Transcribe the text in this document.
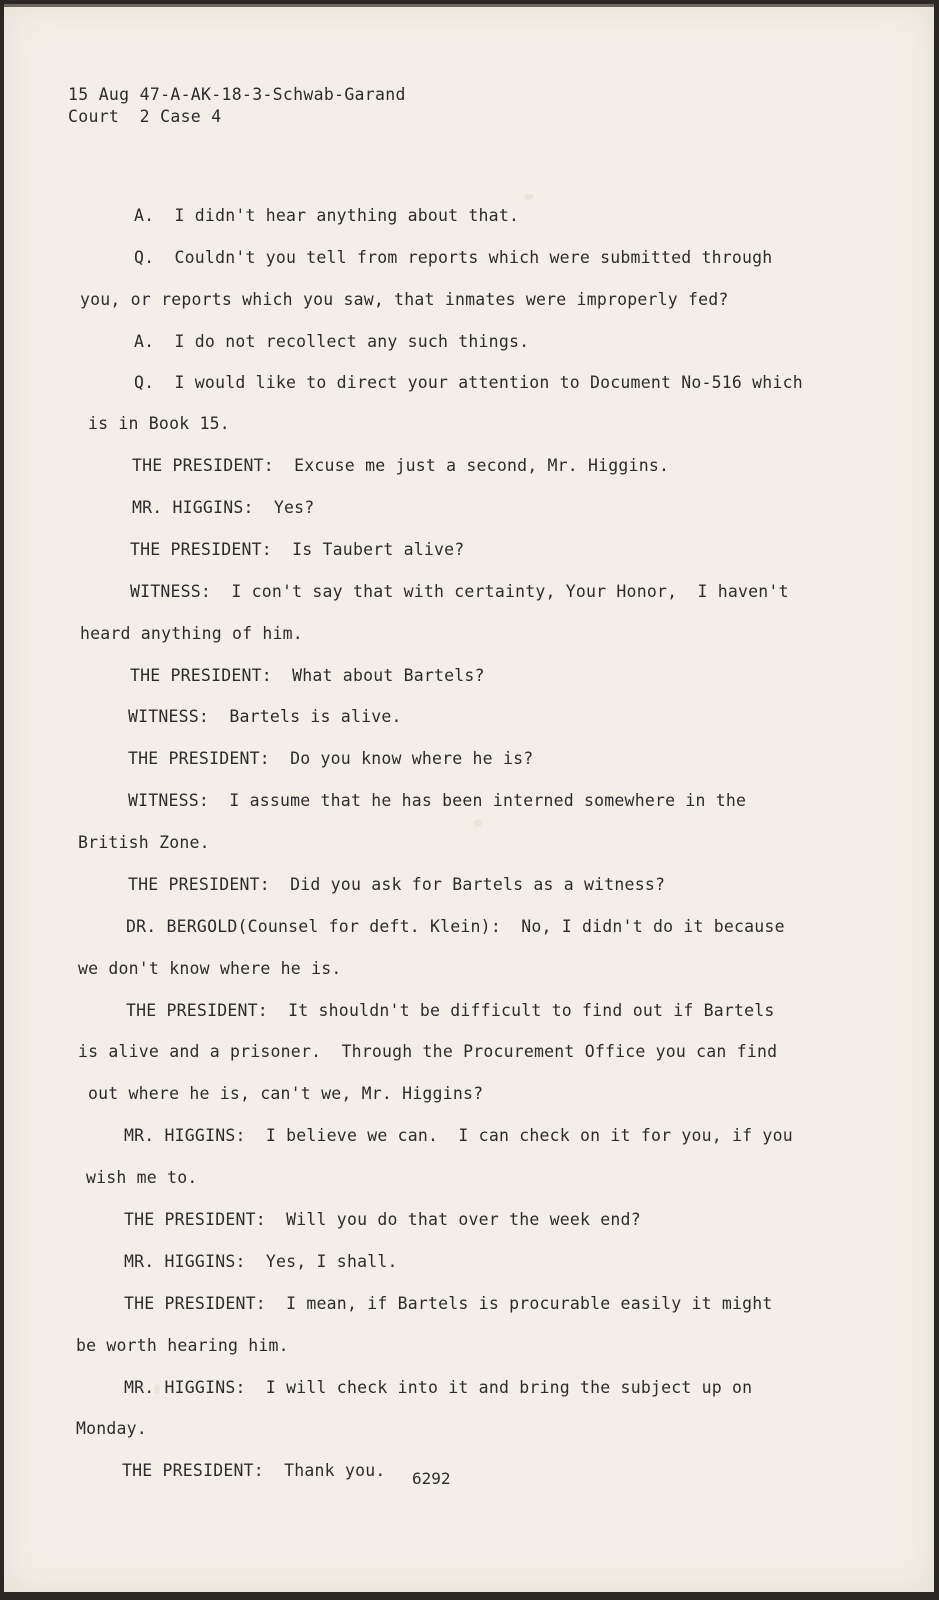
15 Aug 47-A-AK-18-3-Schwab-Garand
Court  2 Case 4
A.  I didn't hear anything about that.
Q.  Couldn't you tell from reports which were submitted through
you, or reports which you saw, that inmates were improperly fed?
A.  I do not recollect any such things.
Q.  I would like to direct your attention to Document No-516 which
is in Book 15.
THE PRESIDENT:  Excuse me just a second, Mr. Higgins.
MR. HIGGINS:  Yes?
THE PRESIDENT:  Is Taubert alive?
WITNESS:  I con't say that with certainty, Your Honor,  I haven't
heard anything of him.
THE PRESIDENT:  What about Bartels?
WITNESS:  Bartels is alive.
THE PRESIDENT:  Do you know where he is?
WITNESS:  I assume that he has been interned somewhere in the
British Zone.
THE PRESIDENT:  Did you ask for Bartels as a witness?
DR. BERGOLD(Counsel for deft. Klein):  No, I didn't do it because
we don't know where he is.
THE PRESIDENT:  It shouldn't be difficult to find out if Bartels
is alive and a prisoner.  Through the Procurement Office you can find
out where he is, can't we, Mr. Higgins?
MR. HIGGINS:  I believe we can.  I can check on it for you, if you
wish me to.
THE PRESIDENT:  Will you do that over the week end?
MR. HIGGINS:  Yes, I shall.
THE PRESIDENT:  I mean, if Bartels is procurable easily it might
be worth hearing him.
MR. HIGGINS:  I will check into it and bring the subject up on
Monday.
THE PRESIDENT:  Thank you. 6292
